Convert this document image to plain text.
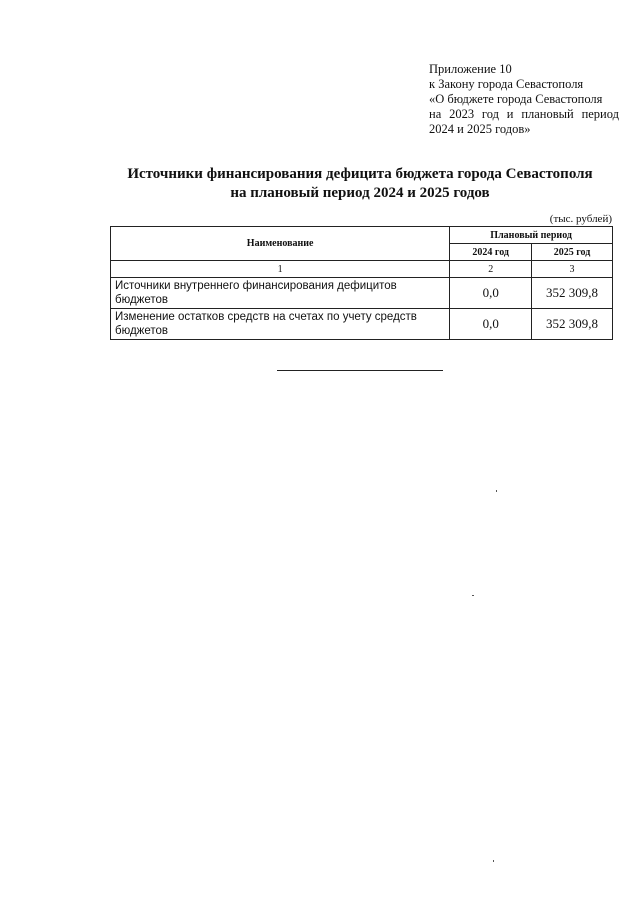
Приложение 10
к Закону города Севастополя
«О бюджете города Севастополя
на 2023 год и плановый период
2024 и 2025 годов»
Источники финансирования дефицита бюджета города Севастополя
на плановый период 2024 и 2025 годов
(тыс. рублей)
Наименование	Плановый период	
	2024 год	2025 год
1	2	3
Источники внутреннего финансирования дефицитов бюджетов	0,0	352 309,8
Изменение остатков средств на счетах по учету средств бюджетов	0,0	352 309,8
